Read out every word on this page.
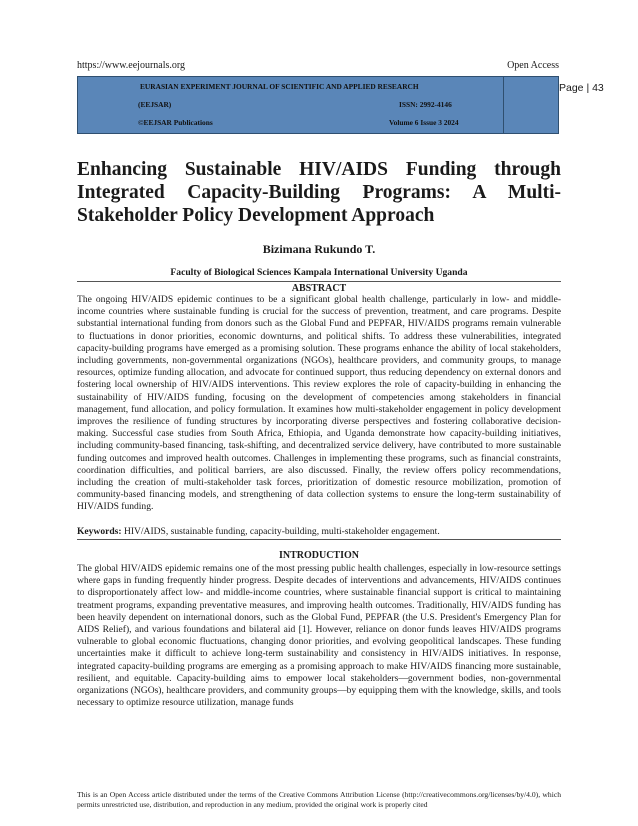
https://www.eejournals.org	Open Access
EURASIAN EXPERIMENT JOURNAL OF SCIENTIFIC AND APPLIED RESEARCH
(EEJSAR)	ISSN: 2992-4146
©EEJSAR Publications	Volume 6 Issue 3 2024
Page | 43
Enhancing Sustainable HIV/AIDS Funding through
Integrated Capacity-Building Programs: A Multi-
Stakeholder Policy Development Approach
Bizimana Rukundo T.
Faculty of Biological Sciences Kampala International University Uganda
ABSTRACT

The ongoing HIV/AIDS epidemic continues to be a significant global health challenge, particularly in low- and middle-income countries where sustainable funding is crucial for the success of prevention, treatment, and care programs. Despite substantial international funding from donors such as the Global Fund and PEPFAR, HIV/AIDS programs remain vulnerable to fluctuations in donor priorities, economic downturns, and political shifts. To address these vulnerabilities, integrated capacity-building programs have emerged as a promising solution. These programs enhance the ability of local stakeholders, including governments, non-governmental organizations (NGOs), healthcare providers, and community groups, to manage resources, optimize funding allocation, and advocate for continued support, thus reducing dependency on external donors and fostering local ownership of HIV/AIDS interventions. This review explores the role of capacity-building in enhancing the sustainability of HIV/AIDS funding, focusing on the development of competencies among stakeholders in financial management, fund allocation, and policy formulation. It examines how multi-stakeholder engagement in policy development improves the resilience of funding structures by incorporating diverse perspectives and fostering collaborative decision-making. Successful case studies from South Africa, Ethiopia, and Uganda demonstrate how capacity-building initiatives, including community-based financing, task-shifting, and decentralized service delivery, have contributed to more sustainable funding outcomes and improved health outcomes. Challenges in implementing these programs, such as financial constraints, coordination difficulties, and political barriers, are also discussed. Finally, the review offers policy recommendations, including the creation of multi-stakeholder task forces, prioritization of domestic resource mobilization, promotion of community-based financing models, and strengthening of data collection systems to ensure the long-term sustainability of HIV/AIDS funding.

Keywords: HIV/AIDS, sustainable funding, capacity-building, multi-stakeholder engagement.
INTRODUCTION

The global HIV/AIDS epidemic remains one of the most pressing public health challenges, especially in low-resource settings where gaps in funding frequently hinder progress. Despite decades of interventions and advancements, HIV/AIDS continues to disproportionately affect low- and middle-income countries, where sustainable financial support is critical to maintaining treatment programs, expanding preventative measures, and improving health outcomes. Traditionally, HIV/AIDS funding has been heavily dependent on international donors, such as the Global Fund, PEPFAR (the U.S. President's Emergency Plan for AIDS Relief), and various foundations and bilateral aid [1]. However, reliance on donor funds leaves HIV/AIDS programs vulnerable to global economic fluctuations, changing donor priorities, and evolving geopolitical landscapes. These funding uncertainties make it difficult to achieve long-term sustainability and consistency in HIV/AIDS initiatives. In response, integrated capacity-building programs are emerging as a promising approach to make HIV/AIDS financing more sustainable, resilient, and equitable. Capacity-building aims to empower local stakeholders—government bodies, non-governmental organizations (NGOs), healthcare providers, and community groups—by equipping them with the knowledge, skills, and tools necessary to optimize resource utilization, manage funds

This is an Open Access article distributed under the terms of the Creative Commons Attribution License (http://creativecommons.org/licenses/by/4.0), which permits unrestricted use, distribution, and reproduction in any medium, provided the original work is properly cited
